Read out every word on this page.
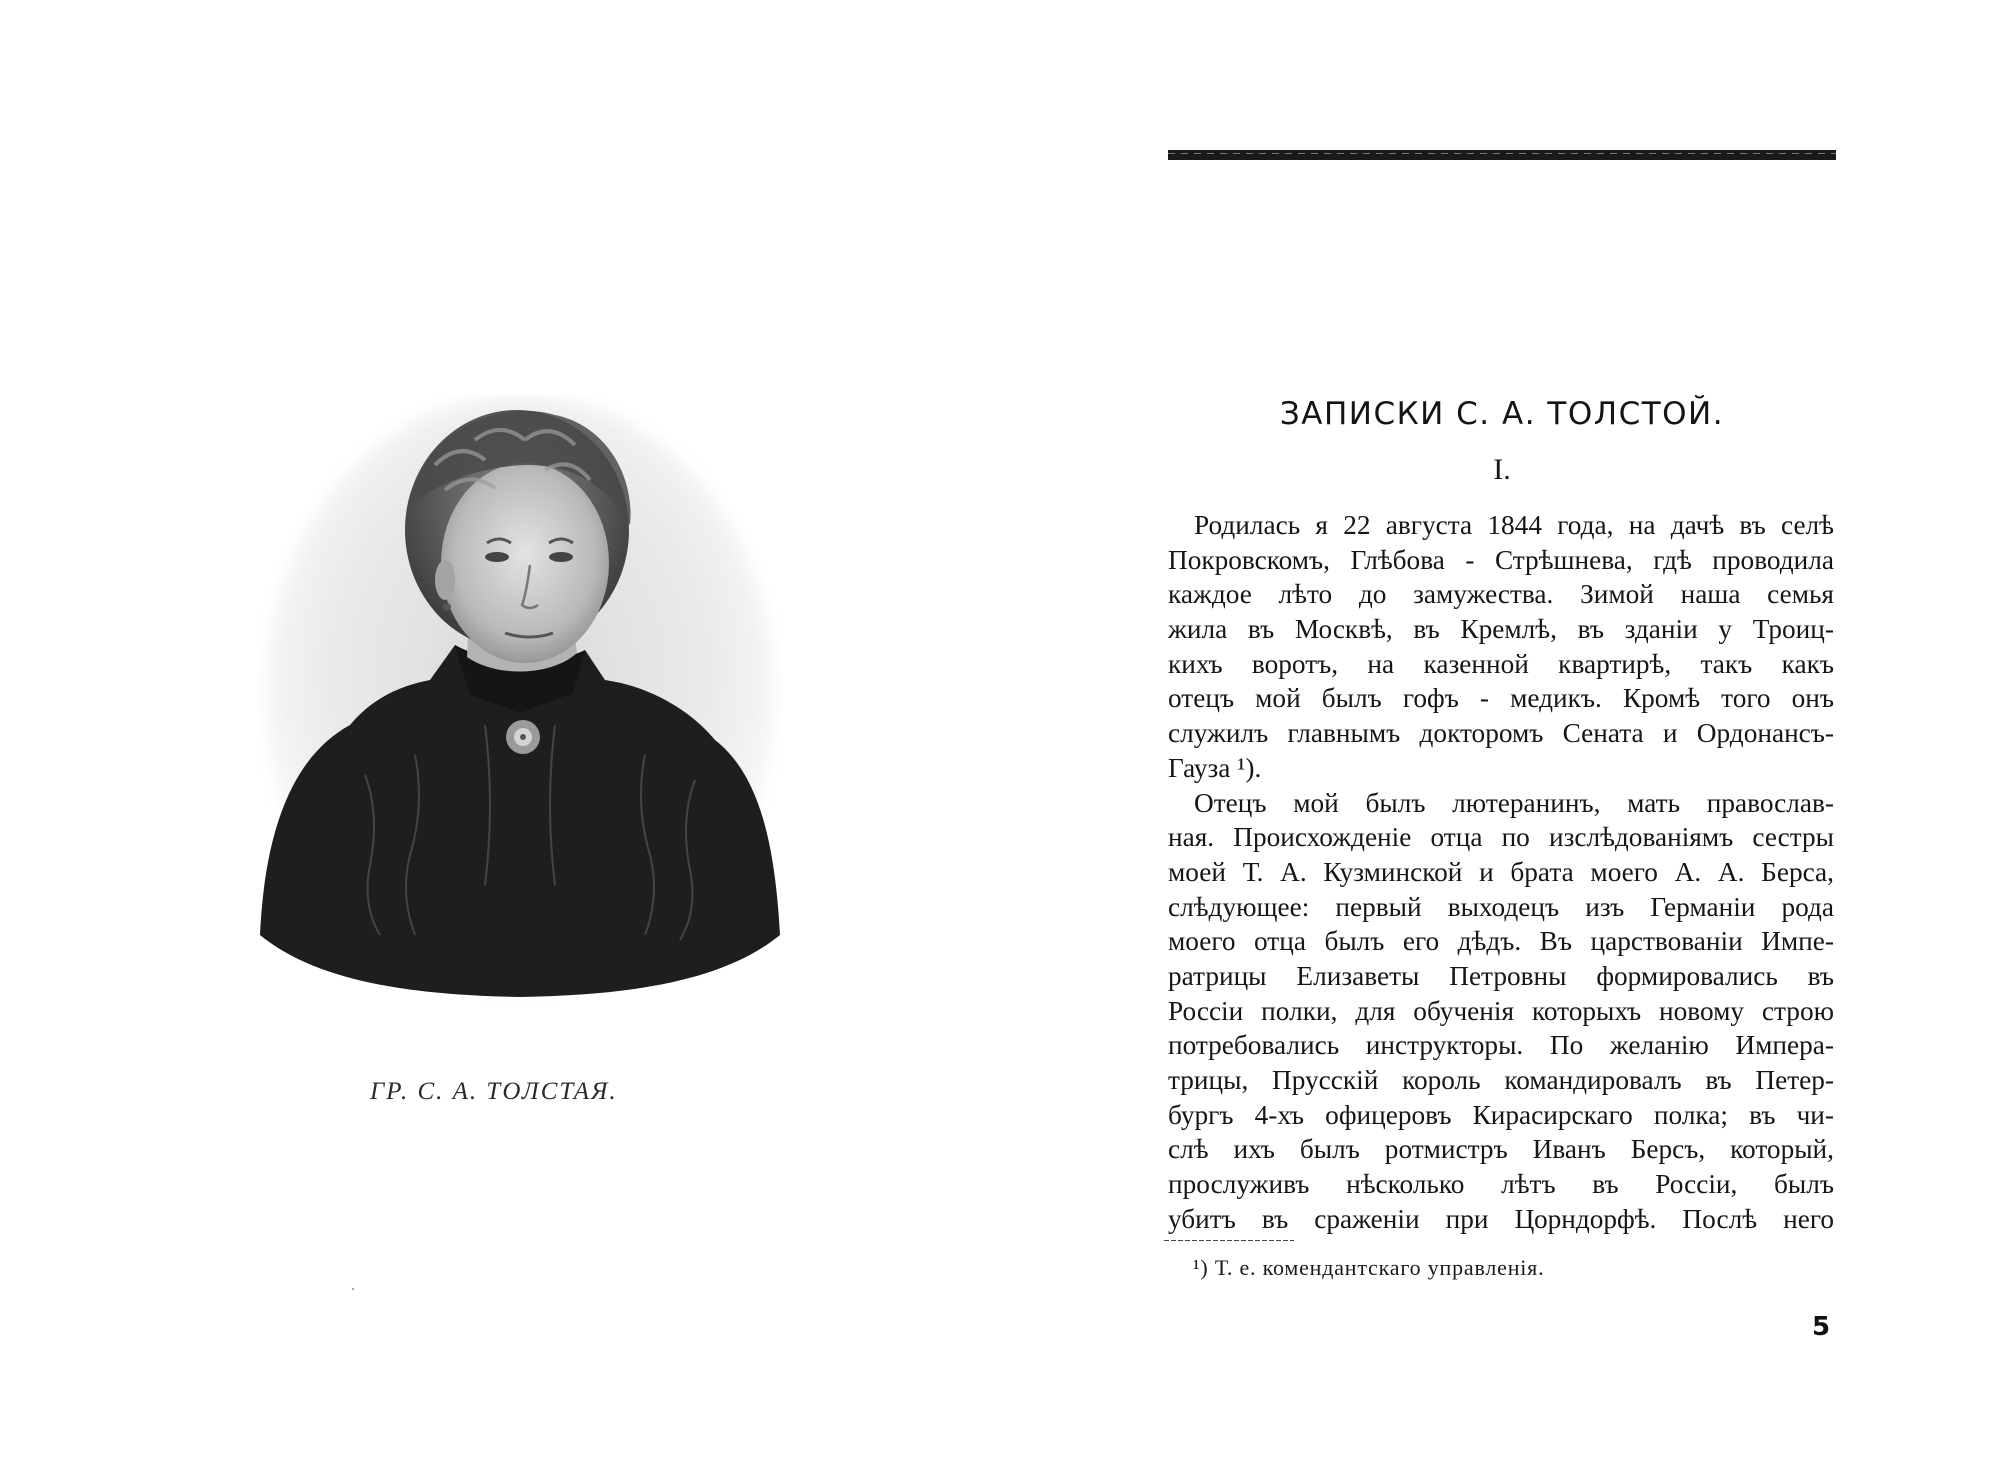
ГР. С. А. ТОЛСТАЯ.
ЗАПИСКИ С. А. ТОЛСТОЙ.
I.
Родилась я 22 августа 1844 года, на дачѣ въ селѣ
Покровскомъ, Глѣбова - Стрѣшнева, гдѣ проводила
каждое лѣто до замужества. Зимой наша семья
жила въ Москвѣ, въ Кремлѣ, въ зданіи у Троиц-
кихъ воротъ, на казенной квартирѣ, такъ какъ
отецъ мой былъ гофъ - медикъ. Кромѣ того онъ
служилъ главнымъ докторомъ Сената и Ордонансъ-
Гауза ¹).
Отецъ мой былъ лютеранинъ, мать православ-
ная. Происхожденіе отца по изслѣдованіямъ сестры
моей Т. А. Кузминской и брата моего А. А. Берса,
слѣдующее: первый выходецъ изъ Германіи рода
моего отца былъ его дѣдъ. Въ царствованіи Импе-
ратрицы Елизаветы Петровны формировались въ
Россіи полки, для обученія которыхъ новому строю
потребовались инструкторы. По желанію Импера-
трицы, Прусскій король командировалъ въ Петер-
бургъ 4-хъ офицеровъ Кирасирскаго полка; въ чи-
слѣ ихъ былъ ротмистръ Иванъ Берсъ, который,
прослуживъ нѣсколько лѣтъ въ Россіи, былъ
убитъ въ сраженіи при Цорндорфѣ. Послѣ него
¹) Т. е. комендантскаго управленія.
5
